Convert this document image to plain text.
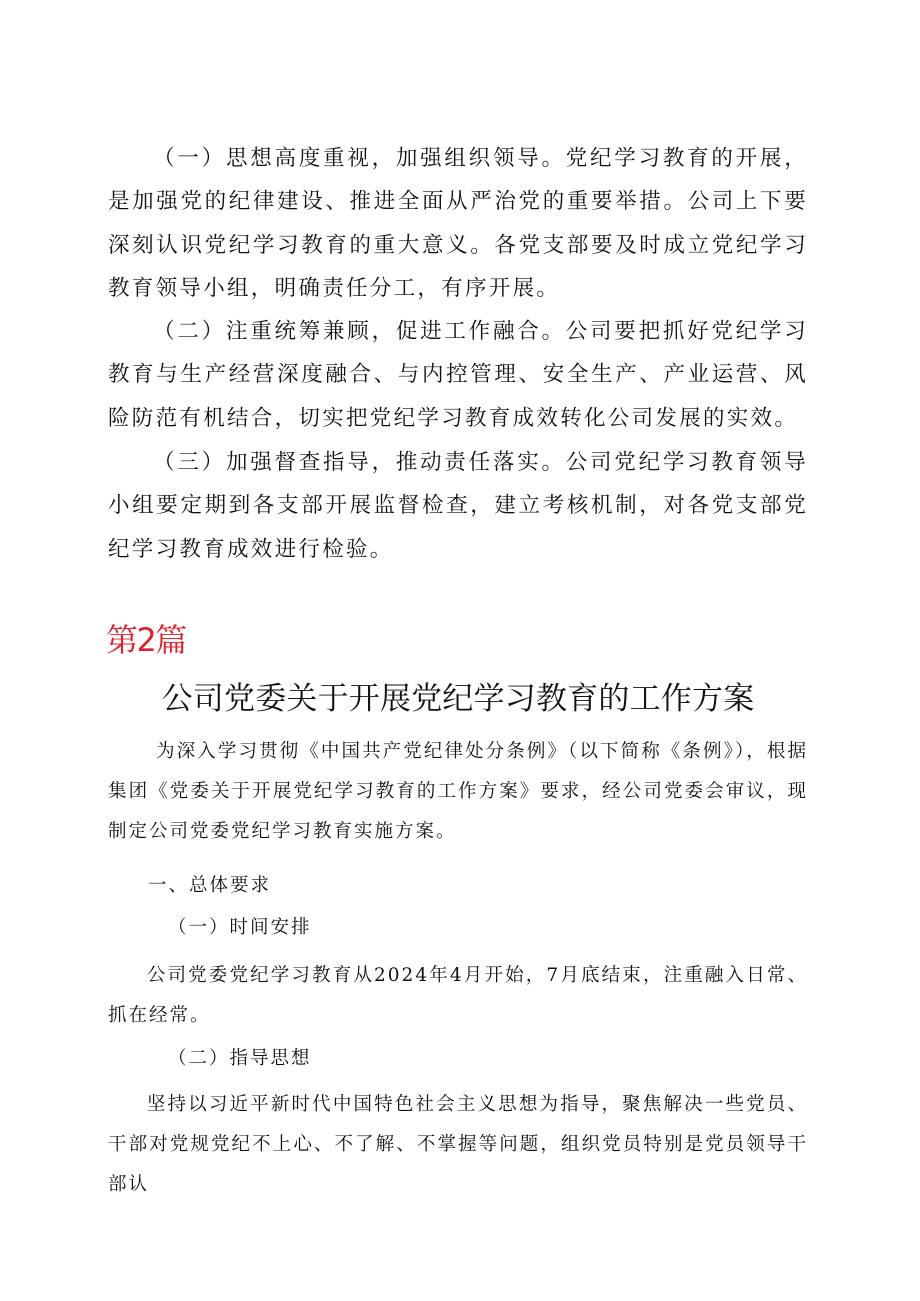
（一）思想高度重视，加强组织领导。党纪学习教育的开展，是加强党的纪律建设、推进全面从严治党的重要举措。公司上下要深刻认识党纪学习教育的重大意义。各党支部要及时成立党纪学习教育领导小组，明确责任分工，有序开展。

（二）注重统筹兼顾，促进工作融合。公司要把抓好党纪学习教育与生产经营深度融合、与内控管理、安全生产、产业运营、风险防范有机结合，切实把党纪学习教育成效转化公司发展的实效。

（三）加强督查指导，推动责任落实。公司党纪学习教育领导小组要定期到各支部开展监督检查，建立考核机制，对各党支部党纪学习教育成效进行检验。

第2篇
公司党委关于开展党纪学习教育的工作方案

为深入学习贯彻《中国共产党纪律处分条例》（以下简称《条例》），根据集团《党委关于开展党纪学习教育的工作方案》要求，经公司党委会审议，现制定公司党委党纪学习教育实施方案。

一、总体要求

（一）时间安排

公司党委党纪学习教育从2024年4月开始，7月底结束，注重融入日常、抓在经常。

（二）指导思想

坚持以习近平新时代中国特色社会主义思想为指导，聚焦解决一些党员、干部对党规党纪不上心、不了解、不掌握等问题，组织党员特别是党员领导干部认
